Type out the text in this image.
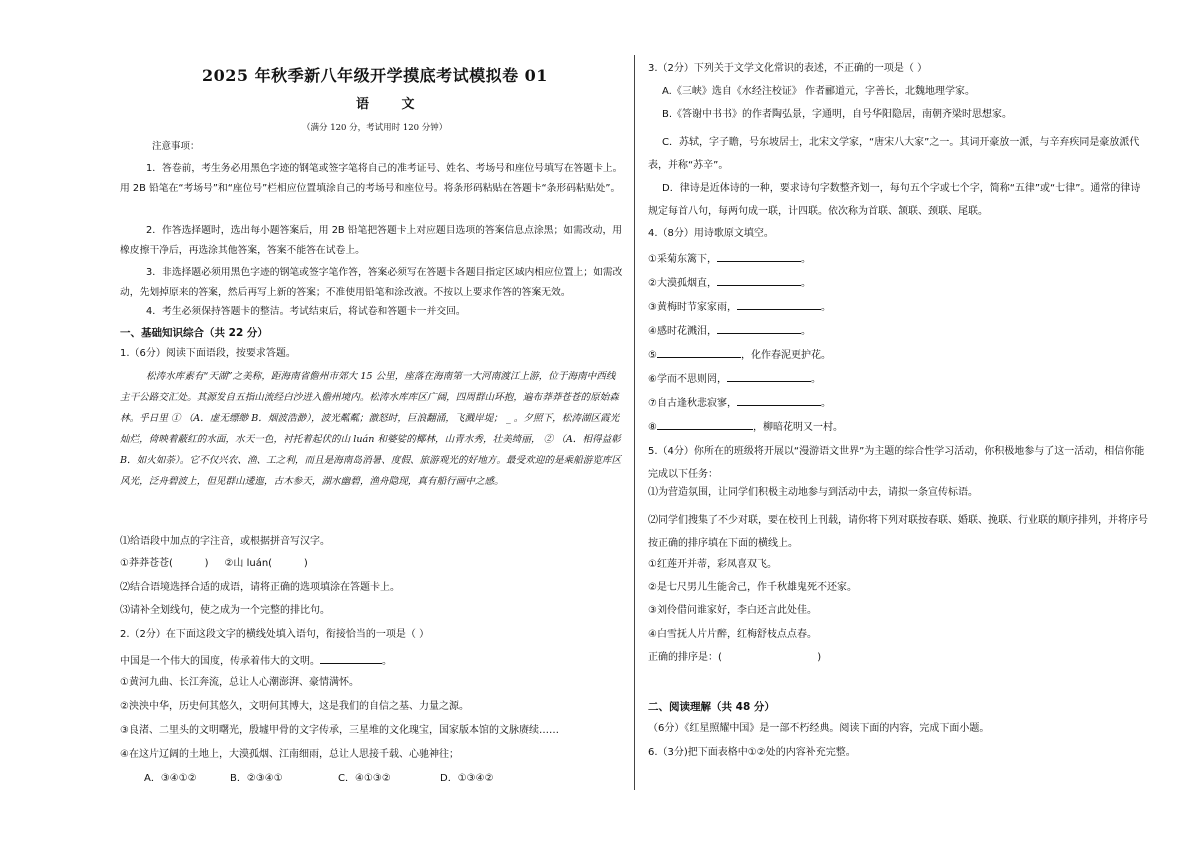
2025 年秋季新八年级开学摸底考试模拟卷 01
语 文
（满分 120 分，考试用时 120 分钟）
注意事项：
1．答卷前，考生务必用黑色字迹的钢笔或签字笔将自己的准考证号、姓名、考场号和座位号填写在答题卡上。用 2B 铅笔在“考场号”和“座位号”栏相应位置填涂自己的考场号和座位号。将条形码粘贴在答题卡“条形码粘贴处”。
2．作答选择题时，选出每小题答案后，用 2B 铅笔把答题卡上对应题目选项的答案信息点涂黑；如需改动，用橡皮擦干净后，再选涂其他答案，答案不能答在试卷上。
3．非选择题必须用黑色字迹的钢笔或签字笔作答，答案必须写在答题卡各题目指定区域内相应位置上；如需改动，先划掉原来的答案，然后再写上新的答案；不准使用铅笔和涂改液。不按以上要求作答的答案无效。
4．考生必须保持答题卡的整洁。考试结束后，将试卷和答题卡一并交回。
一、基础知识综合（共 22 分）
1.（6分）阅读下面语段，按要求答题。
松涛水库素有“天湖”之美称，距海南省儋州市郊大 15 公里，座落在海南第一大河南渡江上游，位于海南中西线主干公路交汇处。其源发自五指山流经白沙进入儋州境内。松涛水库库区广阔，四周群山环抱，遍布莽莽苍苍的原始森林。乎日里 ① （A．虚无缥缈 B．烟波浩渺），波光粼粼；激怒时，巨浪翻涌，飞溅岸堤； _ 。夕照下，松涛湖区霞光灿烂，倚映着蔽红的水面，水天一色，衬托着起伏的山 luán 和婆娑的椰林，山青水秀，壮美绮丽， ② （A．相得益彰 B．如火如荼）。它不仅兴农、渔、工之利，而且是海南岛消暑、度假、旅游观光的好地方。最受欢迎的是乘船游览库区风光，泛舟碧波上，但见群山逶迤，古木参天，湖水幽碧，渔舟隐现，真有船行画中之感。
⑴给语段中加点的字注音，或根据拼音写汉字。
①莽莽苍苍(          )     ②山 luán(          )
⑵结合语境选择合适的成语，请将正确的选项填涂在答题卡上。
⑶请补全划线句，使之成为一个完整的排比句。
2.（2分）在下面这段文字的横线处填入语句，衔接恰当的一项是（ ）
中国是一个伟大的国度，传承着伟大的文明。	。
①黄河九曲、长江奔流，总让人心潮澎湃、豪情满怀。
②泱泱中华，历史何其悠久，文明何其博大，这是我们的自信之基、力量之源。
③良渚、二里头的文明曙光，殷墟甲骨的文字传承，三星堆的文化瑰宝，国家版本馆的文脉赓续……
④在这片辽阔的土地上，大漠孤烟、江南细雨，总让人思接千载、心驰神往；
A．③④①②	B．②③④①	C．④①③②	D．①③④②
3.（2分）下列关于文学文化常识的表述，不正确的一项是（ ）
A.《三峡》选自《水经注校证》 作者郦道元，字善长，北魏地理学家。
B.《答谢中书书》的作者陶弘景，字通明，自号华阳隐居，南朝齐梁时思想家。
C．苏轼，字子瞻，号东坡居士，北宋文学家，“唐宋八大家”之一。其词开豪放一派，与辛弃疾同是豪放派代表，并称“苏辛”。
D．律诗是近体诗的一种，要求诗句字数整齐划一，每句五个字或七个字，简称“五律”或“七律”。通常的律诗规定每首八句，每两句成一联，计四联。依次称为首联、颔联、颈联、尾联。
4.（8分）用诗歌原文填空。
①采菊东篱下，	。
②大漠孤烟直，	。
③黄梅时节家家雨，	。
④感时花溅泪，	。
⑤	，化作春泥更护花。
⑥学而不思则罔，	。
⑦自古逢秋悲寂寥，	。
⑧	，柳暗花明又一村。
5.（4分）你所在的班级将开展以“漫游语文世界”为主题的综合性学习活动，你积极地参与了这一活动，相信你能完成以下任务：
⑴为营造氛围，让同学们积极主动地参与到活动中去，请拟一条宣传标语。
⑵同学们搜集了不少对联，要在校刊上刊载，请你将下列对联按春联、婚联、挽联、行业联的顺序排列，并将序号按正确的排序填在下面的横线上。
①红莲开并蒂，彩凤喜双飞。
②是七尺男儿生能舍己，作千秋雄鬼死不还家。
③刘伶借问谁家好，李白还言此处佳。
④白雪抚人片片醉，红梅舒枝点点春。
正确的排序是：(                              )
二、阅读理解（共 48 分）
（6分）《红星照耀中国》是一部不朽经典。阅读下面的内容，完成下面小题。
6.（3分)把下面表格中①②处的内容补充完整。
